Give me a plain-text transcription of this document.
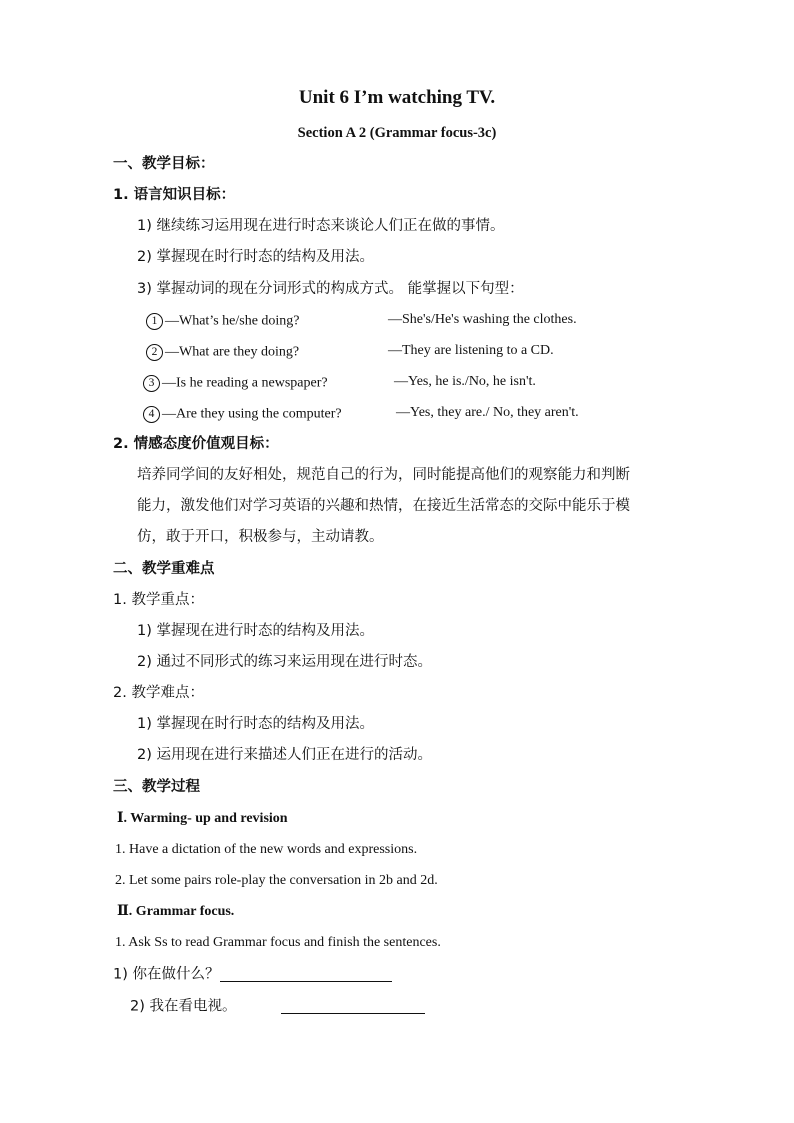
Unit 6 I’m watching TV.
Section A 2 (Grammar focus-3c)
一、教学目标：
1. 语言知识目标：
1) 继续练习运用现在进行时态来谈论人们正在做的事情。
2) 掌握现在时行时态的结构及用法。
3) 掌握动词的现在分词形式的构成方式。 能掌握以下句型：
1 —What’s he/she doing?	—She's/He's washing the clothes.
2 —What are they doing?	—They are listening to a CD.
3 —Is he reading a newspaper?	—Yes, he is./No, he isn't.
4 —Are they using the computer?	—Yes, they are./ No, they aren't.
2. 情感态度价值观目标：
培养同学间的友好相处，规范自己的行为，同时能提高他们的观察能力和判断
能力，激发他们对学习英语的兴趣和热情，在接近生活常态的交际中能乐于模
仿，敢于开口，积极参与，主动请教。
二、教学重难点
1. 教学重点：
1) 掌握现在进行时态的结构及用法。
2) 通过不同形式的练习来运用现在进行时态。
2. 教学难点：
1) 掌握现在时行时态的结构及用法。
2) 运用现在进行来描述人们正在进行的活动。
三、教学过程
Ⅰ. Warming- up and revision
1. Have a dictation of the new words and expressions.
2. Let some pairs role-play the conversation in 2b and 2d.
Ⅱ. Grammar focus.
1. Ask Ss to read Grammar focus and finish the sentences.
1) 你在做什么？
2) 我在看电视。
